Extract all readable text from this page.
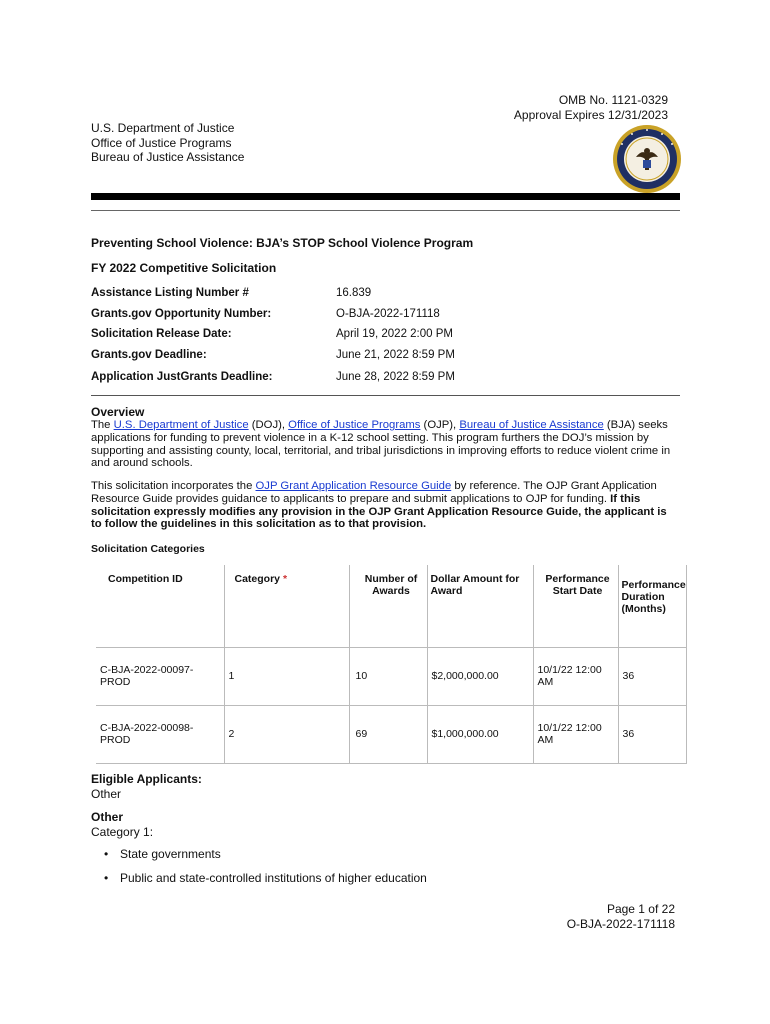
OMB No. 1121-0329
Approval Expires 12/31/2023
U.S. Department of Justice
Office of Justice Programs
Bureau of Justice Assistance
Preventing School Violence: BJA’s STOP School Violence Program
FY 2022 Competitive Solicitation
Assistance Listing Number #	16.839
Grants.gov Opportunity Number:	O-BJA-2022-171118
Solicitation Release Date:	April 19, 2022 2:00 PM
Grants.gov Deadline:	June 21, 2022 8:59 PM
Application JustGrants Deadline:	June 28, 2022 8:59 PM
Overview
The U.S. Department of Justice (DOJ), Office of Justice Programs (OJP), Bureau of Justice Assistance (BJA) seeks applications for funding to prevent violence in a K-12 school setting. This program furthers the DOJ’s mission by supporting and assisting county, local, territorial, and tribal jurisdictions in improving efforts to reduce violent crime in and around schools.
This solicitation incorporates the OJP Grant Application Resource Guide by reference. The OJP Grant Application Resource Guide provides guidance to applicants to prepare and submit applications to OJP for funding. If this solicitation expressly modifies any provision in the OJP Grant Application Resource Guide, the applicant is to follow the guidelines in this solicitation as to that provision.
Solicitation Categories
Competition ID	Category *	Number of Awards	Dollar Amount for Award	Performance Start Date	Performance Duration (Months)
C-BJA-2022-00097-PROD	1	10	$2,000,000.00	10/1/22 12:00 AM	36
C-BJA-2022-00098-PROD	2	69	$1,000,000.00	10/1/22 12:00 AM	36
Eligible Applicants:
Other
Other
Category 1:
• State governments
• Public and state-controlled institutions of higher education
Page 1 of 22
O-BJA-2022-171118
